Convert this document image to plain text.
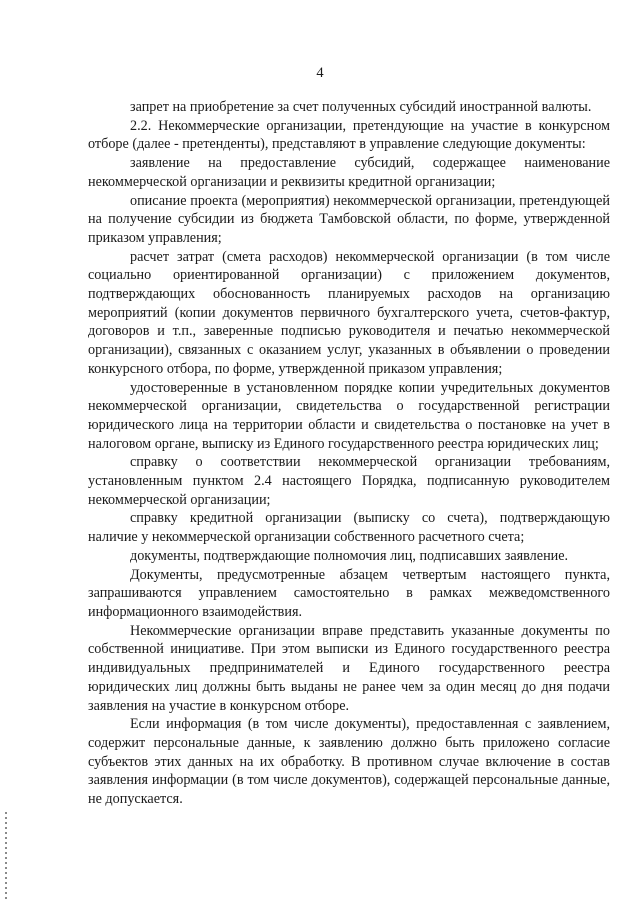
4

запрет на приобретение за счет полученных субсидий иностранной валюты.

2.2. Некоммерческие организации, претендующие на участие в конкурсном отборе (далее - претенденты), представляют в управление следующие документы:

заявление на предоставление субсидий, содержащее наименование некоммерческой организации и реквизиты кредитной организации;

описание проекта (мероприятия) некоммерческой организации, претендующей на получение субсидии из бюджета Тамбовской области, по форме, утвержденной приказом управления;

расчет затрат (смета расходов) некоммерческой организации (в том числе социально ориентированной организации) с приложением документов, подтверждающих обоснованность планируемых расходов на организацию мероприятий (копии документов первичного бухгалтерского учета, счетов-фактур, договоров и т.п., заверенные подписью руководителя и печатью некоммерческой организации), связанных с оказанием услуг, указанных в объявлении о проведении конкурсного отбора, по форме, утвержденной приказом управления;

удостоверенные в установленном порядке копии учредительных документов некоммерческой организации, свидетельства о государственной регистрации юридического лица на территории области и свидетельства о постановке на учет в налоговом органе, выписку из Единого государственного реестра юридических лиц;

справку о соответствии некоммерческой организации требованиям, установленным пунктом 2.4 настоящего Порядка, подписанную руководителем некоммерческой организации;

справку кредитной организации (выписку со счета), подтверждающую наличие у некоммерческой организации собственного расчетного счета;

документы, подтверждающие полномочия лиц, подписавших заявление.

Документы, предусмотренные абзацем четвертым настоящего пункта, запрашиваются управлением самостоятельно в рамках межведомственного информационного взаимодействия.

Некоммерческие организации вправе представить указанные документы по собственной инициативе. При этом выписки из Единого государственного реестра индивидуальных предпринимателей и Единого государственного реестра юридических лиц должны быть выданы не ранее чем за один месяц до дня подачи заявления на участие в конкурсном отборе.

Если информация (в том числе документы), предоставленная с заявлением, содержит персональные данные, к заявлению должно быть приложено согласие субъектов этих данных на их обработку. В противном случае включение в состав заявления информации (в том числе документов), содержащей персональные данные, не допускается.
